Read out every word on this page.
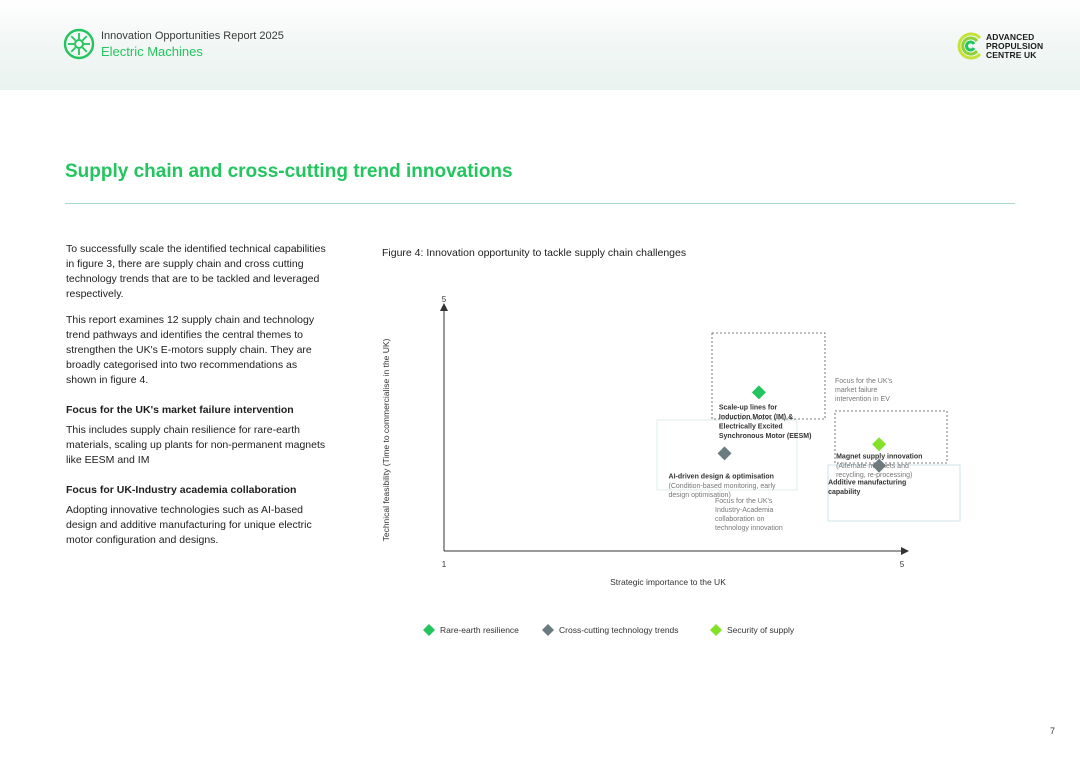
Innovation Opportunities Report 2025
Electric Machines
ADVANCED
PROPULSION
CENTRE UK
Supply chain and cross-cutting trend innovations

To successfully scale the identified technical capabilities in figure 3, there are supply chain and cross cutting technology trends that are to be tackled and leveraged respectively.

This report examines 12 supply chain and technology trend pathways and identifies the central themes to strengthen the UK's E-motors supply chain. They are broadly categorised into two recommendations as shown in figure 4.

Focus for the UK's market failure intervention

This includes supply chain resilience for rare-earth materials, scaling up plants for non-permanent magnets like EESM and IM

Focus for UK-Industry academia collaboration

Adopting innovative technologies such as AI-based design and additive manufacturing for unique electric motor configuration and designs.

Figure 4: Innovation opportunity to tackle supply chain challenges
1	5
5
Strategic importance to the UK
Technical feasibility (Time to commercialise in the UK)	Scale-up lines for
Induction Motor (IM) &
Electrically Excited
Synchronous Motor (EESM)
AI-driven design & optimisation
(Condition-based monitoring, early
design optimisation)
Magnet supply innovation
(Alternate magnets and
recycling, re-processing)
Additive manufacturing
capability
Focus for the UK's
market failure
intervention in EV
Focus for the UK's
Industry-Academia
collaboration on
technology innovation
Rare-earth resilience	Cross-cutting technology trends	Security of supply
7
